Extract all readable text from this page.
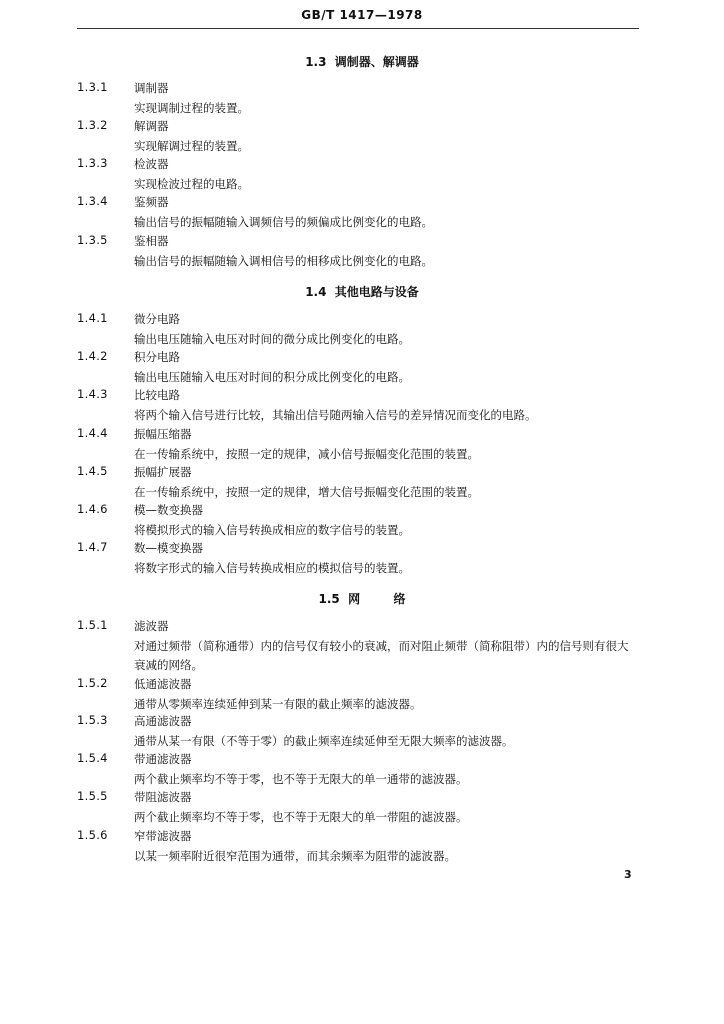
GB/T 1417—1978
1.3  调制器、解调器
1.3.1 调制器
实现调制过程的装置。
1.3.2 解调器
实现解调过程的装置。
1.3.3 检波器
实现检波过程的电路。
1.3.4 鉴频器
输出信号的振幅随输入调频信号的频偏成比例变化的电路。
1.3.5 鉴相器
输出信号的振幅随输入调相信号的相移成比例变化的电路。
1.4  其他电路与设备
1.4.1 微分电路
输出电压随输入电压对时间的微分成比例变化的电路。
1.4.2 积分电路
输出电压随输入电压对时间的积分成比例变化的电路。
1.4.3 比较电路
将两个输入信号进行比较，其输出信号随两输入信号的差异情况而变化的电路。
1.4.4 振幅压缩器
在一传输系统中，按照一定的规律，减小信号振幅变化范围的装置。
1.4.5 振幅扩展器
在一传输系统中，按照一定的规律，增大信号振幅变化范围的装置。
1.4.6 模—数变换器
将模拟形式的输入信号转换成相应的数字信号的装置。
1.4.7 数—模变换器
将数字形式的输入信号转换成相应的模拟信号的装置。
1.5  网        络
1.5.1 滤波器
对通过频带（简称通带）内的信号仅有较小的衰减，而对阻止频带（简称阻带）内的信号则有很大衰减的网络。
1.5.2 低通滤波器
通带从零频率连续延伸到某一有限的截止频率的滤波器。
1.5.3 高通滤波器
通带从某一有限（不等于零）的截止频率连续延伸至无限大频率的滤波器。
1.5.4 带通滤波器
两个截止频率均不等于零，也不等于无限大的单一通带的滤波器。
1.5.5 带阻滤波器
两个截止频率均不等于零，也不等于无限大的单一带阻的滤波器。
1.5.6 窄带滤波器
以某一频率附近很窄范围为通带，而其余频率为阻带的滤波器。
3
